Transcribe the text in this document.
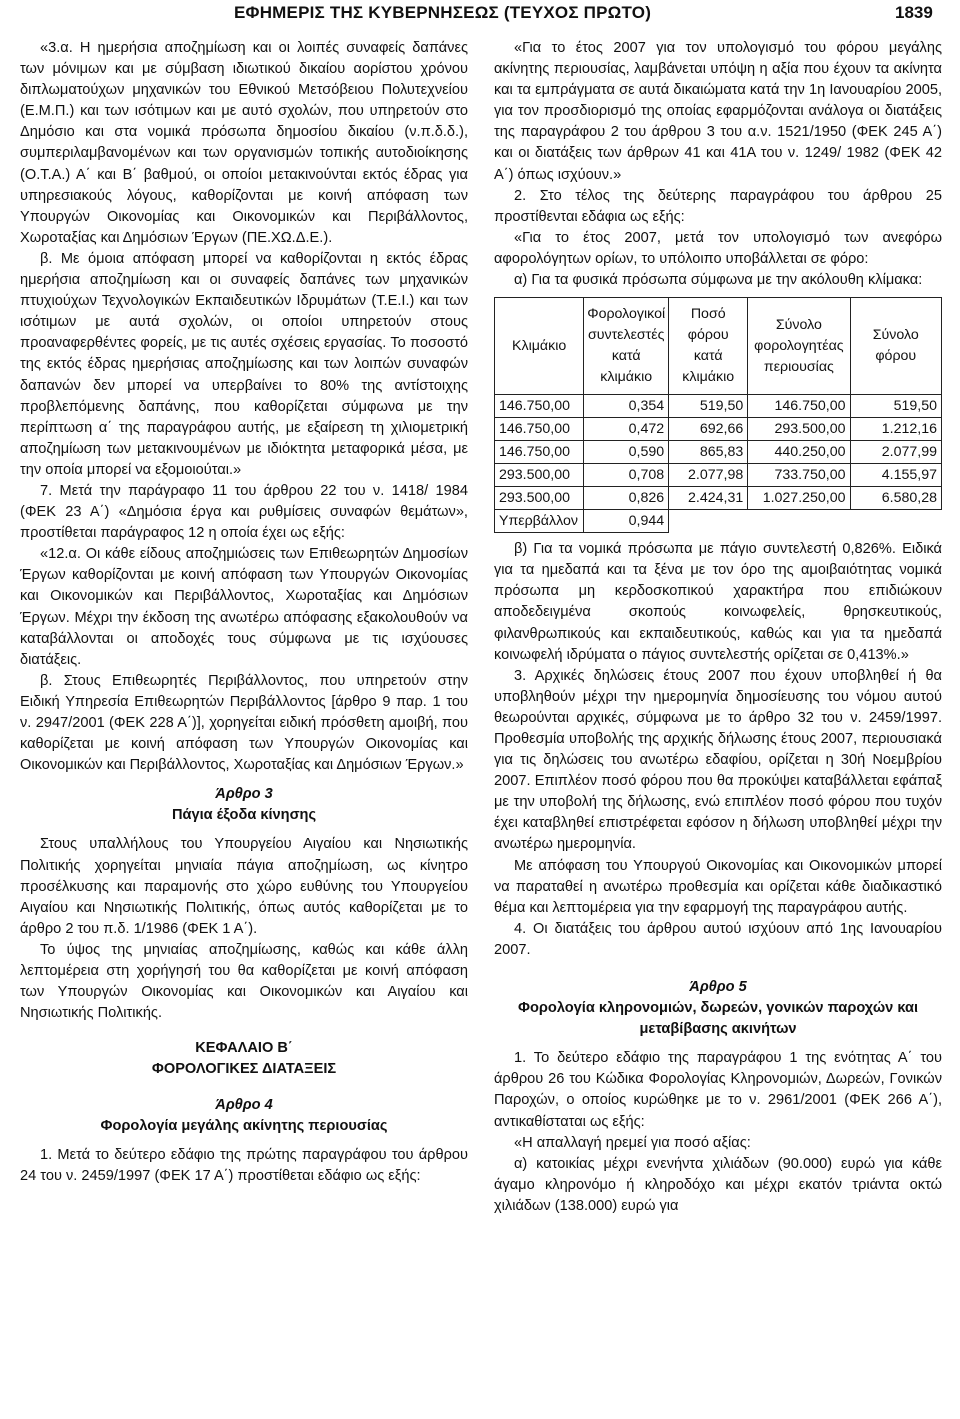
ΕΦΗΜΕΡΙΣ ΤΗΣ ΚΥΒΕΡΝΗΣΕΩΣ (ΤΕΥΧΟΣ ΠΡΩΤΟ)	1839

«3.α. Η ημερήσια αποζημίωση και οι λοιπές συναφείς δαπάνες των μόνιμων και με σύμβαση ιδιωτικού δικαίου αορίστου χρόνου διπλωματούχων μηχανικών του Εθνικού Μετσόβειου Πολυτεχνείου (Ε.Μ.Π.) και των ισότιμων και με αυτό σχολών, που υπηρετούν στο Δημόσιο και στα νομικά πρόσωπα δημοσίου δικαίου (ν.π.δ.δ.), συμπεριλαμβανομένων και των οργανισμών τοπικής αυτοδιοίκησης (Ο.Τ.Α.) Α΄ και Β΄ βαθμού, οι οποίοι μετακινούνται εκτός έδρας για υπηρεσιακούς λόγους, καθορίζονται με κοινή απόφαση των Υπουργών Οικονομίας και Οικονομικών και Περιβάλλοντος, Χωροταξίας και Δημόσιων Έργων (ΠΕ.ΧΩ.Δ.Ε.).

β. Με όμοια απόφαση μπορεί να καθορίζονται η εκτός έδρας ημερήσια αποζημίωση και οι συναφείς δαπάνες των μηχανικών πτυχιούχων Τεχνολογικών Εκπαιδευτικών Ιδρυμάτων (Τ.Ε.Ι.) και των ισότιμων με αυτά σχολών, οι οποίοι υπηρετούν στους προαναφερθέντες φορείς, με τις αυτές σχέσεις εργασίας. Το ποσοστό της εκτός έδρας ημερήσιας αποζημίωσης και των λοιπών συναφών δαπανών δεν μπορεί να υπερβαίνει το 80% της αντίστοιχης προβλεπόμενης δαπάνης, που καθορίζεται σύμφωνα με την περίπτωση α΄ της παραγράφου αυτής, με εξαίρεση τη χιλιομετρική αποζημίωση των μετακινουμένων με ιδιόκτητα μεταφορικά μέσα, με την οποία μπορεί να εξομοιούται.»

7. Μετά την παράγραφο 11 του άρθρου 22 του ν. 1418/ 1984 (ΦΕΚ 23 Α΄) «Δημόσια έργα και ρυθμίσεις συναφών θεμάτων», προστίθεται παράγραφος 12 η οποία έχει ως εξής:

«12.α. Οι κάθε είδους αποζημιώσεις των Επιθεωρητών Δημοσίων Έργων καθορίζονται με κοινή απόφαση των Υπουργών Οικονομίας και Οικονομικών και Περιβάλλοντος, Χωροταξίας και Δημόσιων Έργων. Μέχρι την έκδοση της ανωτέρω απόφασης εξακολουθούν να καταβάλλονται οι αποδοχές τους σύμφωνα με τις ισχύουσες διατάξεις.

β. Στους Επιθεωρητές Περιβάλλοντος, που υπηρετούν στην Ειδική Υπηρεσία Επιθεωρητών Περιβάλλοντος [άρθρο 9 παρ. 1 του ν. 2947/2001 (ΦΕΚ 228 Α΄)], χορηγείται ειδική πρόσθετη αμοιβή, που καθορίζεται με κοινή απόφαση των Υπουργών Οικονομίας και Οικονομικών και Περιβάλλοντος, Χωροταξίας και Δημόσιων Έργων.»

Άρθρο 3
Πάγια έξοδα κίνησης

Στους υπαλλήλους του Υπουργείου Αιγαίου και Νησιωτικής Πολιτικής χορηγείται μηνιαία πάγια αποζημίωση, ως κίνητρο προσέλκυσης και παραμονής στο χώρο ευθύνης του Υπουργείου Αιγαίου και Νησιωτικής Πολιτικής, όπως αυτός καθορίζεται με το άρθρο 2 του π.δ. 1/1986 (ΦΕΚ 1 Α΄).

Το ύψος της μηνιαίας αποζημίωσης, καθώς και κάθε άλλη λεπτομέρεια στη χορήγησή του θα καθορίζεται με κοινή απόφαση των Υπουργών Οικονομίας και Οικονομικών και Αιγαίου και Νησιωτικής Πολιτικής.

ΚΕΦΑΛΑΙΟ Β΄
ΦΟΡΟΛΟΓΙΚΕΣ ΔΙΑΤΑΞΕΙΣ
Άρθρο 4
Φορολογία μεγάλης ακίνητης περιουσίας

1. Μετά το δεύτερο εδάφιο της πρώτης παραγράφου του άρθρου 24 του ν. 2459/1997 (ΦΕΚ 17 Α΄) προστίθεται εδάφιο ως εξής:

«Για το έτος 2007 για τον υπολογισμό του φόρου μεγάλης ακίνητης περιουσίας, λαμβάνεται υπόψη η αξία που έχουν τα ακίνητα και τα εμπράγματα σε αυτά δικαιώματα κατά την 1η Ιανουαρίου 2005, για τον προσδιορισμό της οποίας εφαρμόζονται ανάλογα οι διατάξεις της παραγράφου 2 του άρθρου 3 του α.ν. 1521/1950 (ΦΕΚ 245 Α΄) και οι διατάξεις των άρθρων 41 και 41Α του ν. 1249/ 1982 (ΦΕΚ 42 Α΄) όπως ισχύουν.»

2. Στο τέλος της δεύτερης παραγράφου του άρθρου 25 προστίθενται εδάφια ως εξής:

«Για το έτος 2007, μετά τον υπολογισμό των ανεφόρω αφορολόγητων ορίων, το υπόλοιπο υποβάλλεται σε φόρο:

α) Για τα φυσικά πρόσωπα σύμφωνα με την ακόλουθη κλίμακα:

Κλιμάκιο	Φορολογικοί συντελεστές κατά κλιμάκιο	Ποσό φόρου κατά κλιμάκιο	Σύνολο φορολογητέας περιουσίας	Σύνολο φόρου
146.750,00	0,354	519,50	146.750,00	519,50
146.750,00	0,472	692,66	293.500,00	1.212,16
146.750,00	0,590	865,83	440.250,00	2.077,99
293.500,00	0,708	2.077,98	733.750,00	4.155,97
293.500,00	0,826	2.424,31	1.027.250,00	6.580,28
Υπερβάλλον	0,944			

β) Για τα νομικά πρόσωπα με πάγιο συντελεστή 0,826%. Ειδικά για τα ημεδαπά και τα ξένα με τον όρο της αμοιβαιότητας νομικά πρόσωπα μη κερδοσκοπικού χαρακτήρα που επιδιώκουν αποδεδειγμένα σκοπούς κοινωφελείς, θρησκευτικούς, φιλανθρωπικούς και εκπαιδευτικούς, καθώς και για τα ημεδαπά κοινωφελή ιδρύματα ο πάγιος συντελεστής ορίζεται σε 0,413%.»

3. Αρχικές δηλώσεις έτους 2007 που έχουν υποβληθεί ή θα υποβληθούν μέχρι την ημερομηνία δημοσίευσης του νόμου αυτού θεωρούνται αρχικές, σύμφωνα με το άρθρο 32 του ν. 2459/1997. Προθεσμία υποβολής της αρχικής δήλωσης έτους 2007, περιουσιακά για τις δηλώσεις του ανωτέρω εδαφίου, ορίζεται η 30ή Νοεμβρίου 2007. Επιπλέον ποσό φόρου που θα προκύψει καταβάλλεται εφάπαξ με την υποβολή της δήλωσης, ενώ επιπλέον ποσό φόρου που τυχόν έχει καταβληθεί επιστρέφεται εφόσον η δήλωση υποβληθεί μέχρι την ανωτέρω ημερομηνία.

Με απόφαση του Υπουργού Οικονομίας και Οικονομικών μπορεί να παραταθεί η ανωτέρω προθεσμία και ορίζεται κάθε διαδικαστικό θέμα και λεπτομέρεια για την εφαρμογή της παραγράφου αυτής.

4. Οι διατάξεις του άρθρου αυτού ισχύουν από 1ης Ιανουαρίου 2007.

Άρθρο 5
Φορολογία κληρονομιών, δωρεών, γονικών παροχών και μεταβίβασης ακινήτων

1. Το δεύτερο εδάφιο της παραγράφου 1 της ενότητας Α΄ του άρθρου 26 του Κώδικα Φορολογίας Κληρονομιών, Δωρεών, Γονικών Παροχών, ο οποίος κυρώθηκε με το ν. 2961/2001 (ΦΕΚ 266 Α΄), αντικαθίσταται ως εξής:

«Η απαλλαγή ηρεμεί για ποσό αξίας:

α) κατοικίας μέχρι ενενήντα χιλιάδων (90.000) ευρώ για κάθε άγαμο κληρονόμο ή κληροδόχο και μέχρι εκατόν τριάντα οκτώ χιλιάδων (138.000) ευρώ για
